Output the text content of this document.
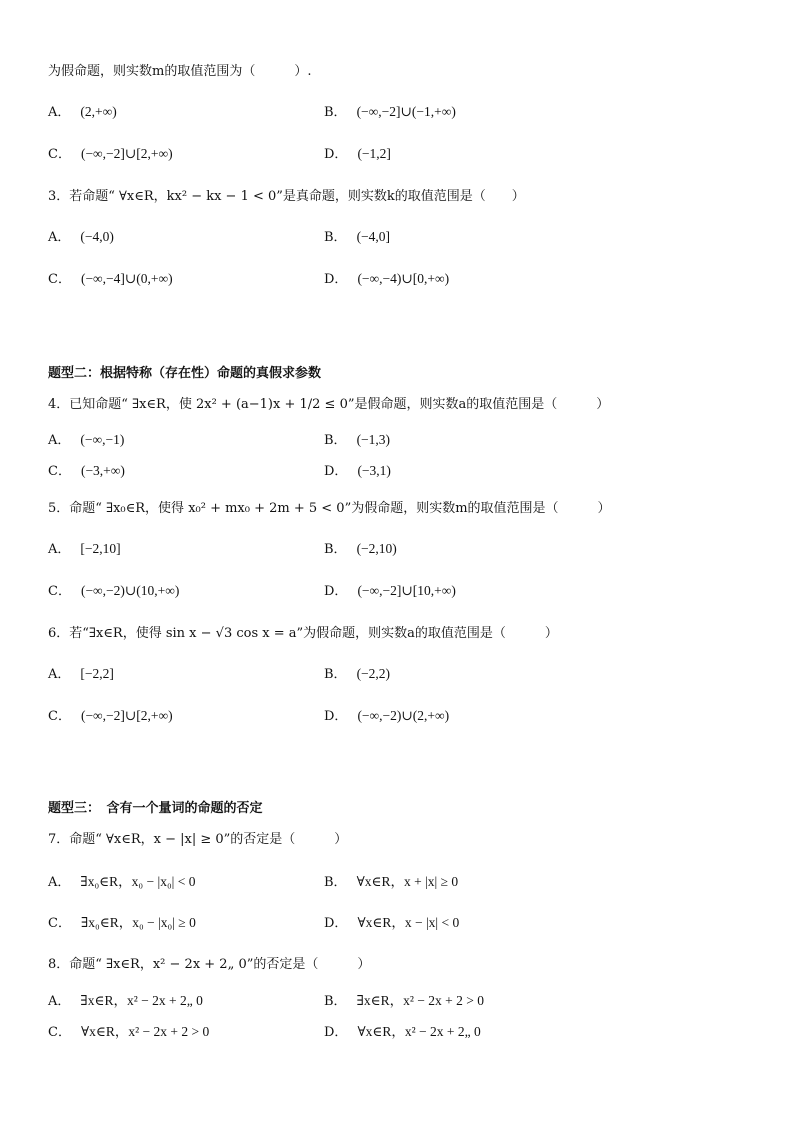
为假命题，则实数m的取值范围为（　　　）.
A． (2,+∞)	B． (−∞,−2]∪(−1,+∞)
C． (−∞,−2]∪[2,+∞)	D． (−1,2]
3．若命题“ ∀x∈R，kx² − kx − 1 < 0”是真命题，则实数k的取值范围是（　　）
A． (−4,0)	B． (−4,0]
C． (−∞,−4]∪(0,+∞)	D． (−∞,−4)∪[0,+∞)
题型二：根据特称（存在性）命题的真假求参数
4．已知命题“ ∃x∈R，使 2x² + (a−1)x + 1/2 ≤ 0”是假命题，则实数a的取值范围是（　　　）
A． (−∞,−1)	B． (−1,3)
C． (−3,+∞)	D． (−3,1)
5．命题“ ∃x₀∈R，使得 x₀² + mx₀ + 2m + 5 < 0”为假命题，则实数m的取值范围是（　　　）
A． [−2,10]	B． (−2,10)
C． (−∞,−2)∪(10,+∞)	D． (−∞,−2]∪[10,+∞)
6．若“∃x∈R，使得 sin x − √3 cos x = a”为假命题，则实数a的取值范围是（　　　）
A． [−2,2]	B． (−2,2)
C． (−∞,−2]∪[2,+∞)	D． (−∞,−2)∪(2,+∞)
题型三：　含有一个量词的命题的否定
7．命题“ ∀x∈R，x − |x| ≥ 0”的否定是（　　　）
A． ∃x₀∈R，x₀ − |x₀| < 0	B． ∀x∈R，x + |x| ≥ 0
C． ∃x₀∈R，x₀ − |x₀| ≥ 0	D． ∀x∈R，x − |x| < 0
8．命题“ ∃x∈R，x² − 2x + 2„ 0”的否定是（　　　）
A． ∃x∈R，x² − 2x + 2„ 0	B． ∃x∈R，x² − 2x + 2 > 0
C． ∀x∈R，x² − 2x + 2 > 0	D． ∀x∈R，x² − 2x + 2„ 0
